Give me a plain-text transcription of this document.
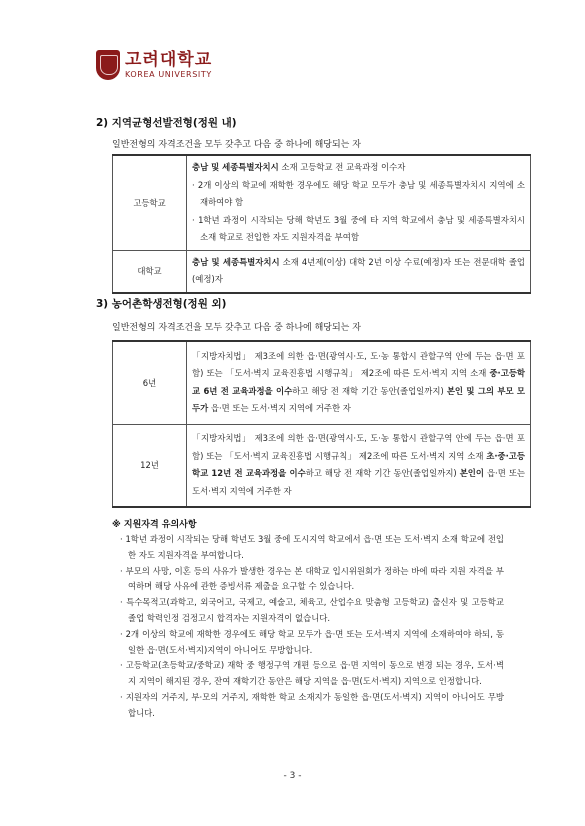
고려대학교
KOREA UNIVERSITY
2) 지역균형선발전형(정원 내)
일반전형의 자격조건을 모두 갖추고 다음 중 하나에 해당되는 자
고등학교	충남 및 세종특별자치시 소재 고등학교 전 교육과정 이수자
· 2개 이상의 학교에 재학한 경우에도 해당 학교 모두가 충남 및 세종특별자치시 지역에 소재하여야 함
· 1학년 과정이 시작되는 당해 학년도 3월 중에 타 지역 학교에서 충남 및 세종특별자치시 소재 학교로 전입한 자도 지원자격을 부여함

대학교	충남 및 세종특별자치시 소재 4년제(이상) 대학 2년 이상 수료(예정)자 또는 전문대학 졸업(예정)자
3) 농어촌학생전형(정원 외)
일반전형의 자격조건을 모두 갖추고 다음 중 하나에 해당되는 자
6년	「지방자치법」 제3조에 의한 읍·면(광역시·도, 도·농 통합시 관할구역 안에 두는 읍·면 포함) 또는 「도서·벽지 교육진흥법 시행규칙」 제2조에 따른 도서·벽지 지역 소재 중·고등학교 6년 전 교육과정을 이수하고 해당 전 재학 기간 동안(졸업일까지) 본인 및 그의 부모 모두가 읍·면 또는 도서·벽지 지역에 거주한 자
12년	「지방자치법」 제3조에 의한 읍·면(광역시·도, 도·농 통합시 관할구역 안에 두는 읍·면 포함) 또는 「도서·벽지 교육진흥법 시행규칙」 제2조에 따른 도서·벽지 지역 소재 초·중·고등학교 12년 전 교육과정을 이수하고 해당 전 재학 기간 동안(졸업일까지) 본인이 읍·면 또는 도서·벽지 지역에 거주한 자
※ 지원자격 유의사항
· 1학년 과정이 시작되는 당해 학년도 3월 중에 도시지역 학교에서 읍·면 또는 도서·벽지 소재 학교에 전입한 자도 지원자격을 부여합니다.
· 부모의 사망, 이혼 등의 사유가 발생한 경우는 본 대학교 입시위원회가 정하는 바에 따라 지원 자격을 부여하며 해당 사유에 관한 증빙서류 제출을 요구할 수 있습니다.
· 특수목적고(과학고, 외국어고, 국제고, 예술고, 체육고, 산업수요 맞춤형 고등학교) 출신자 및 고등학교 졸업 학력인정 검정고시 합격자는 지원자격이 없습니다.
· 2개 이상의 학교에 재학한 경우에도 해당 학교 모두가 읍·면 또는 도서·벽지 지역에 소재하여야 하되, 동일한 읍·면(도서·벽지)지역이 아니어도 무방합니다.
· 고등학교(초등학교/중학교) 재학 중 행정구역 개편 등으로 읍·면 지역이 동으로 변경 되는 경우, 도서·벽지 지역이 해지된 경우, 잔여 재학기간 동안은 해당 지역을 읍·면(도서·벽지) 지역으로 인정합니다.
· 지원자의 거주지, 부·모의 거주지, 재학한 학교 소재지가 동일한 읍·면(도서·벽지) 지역이 아니어도 무방합니다.
- 3 -
